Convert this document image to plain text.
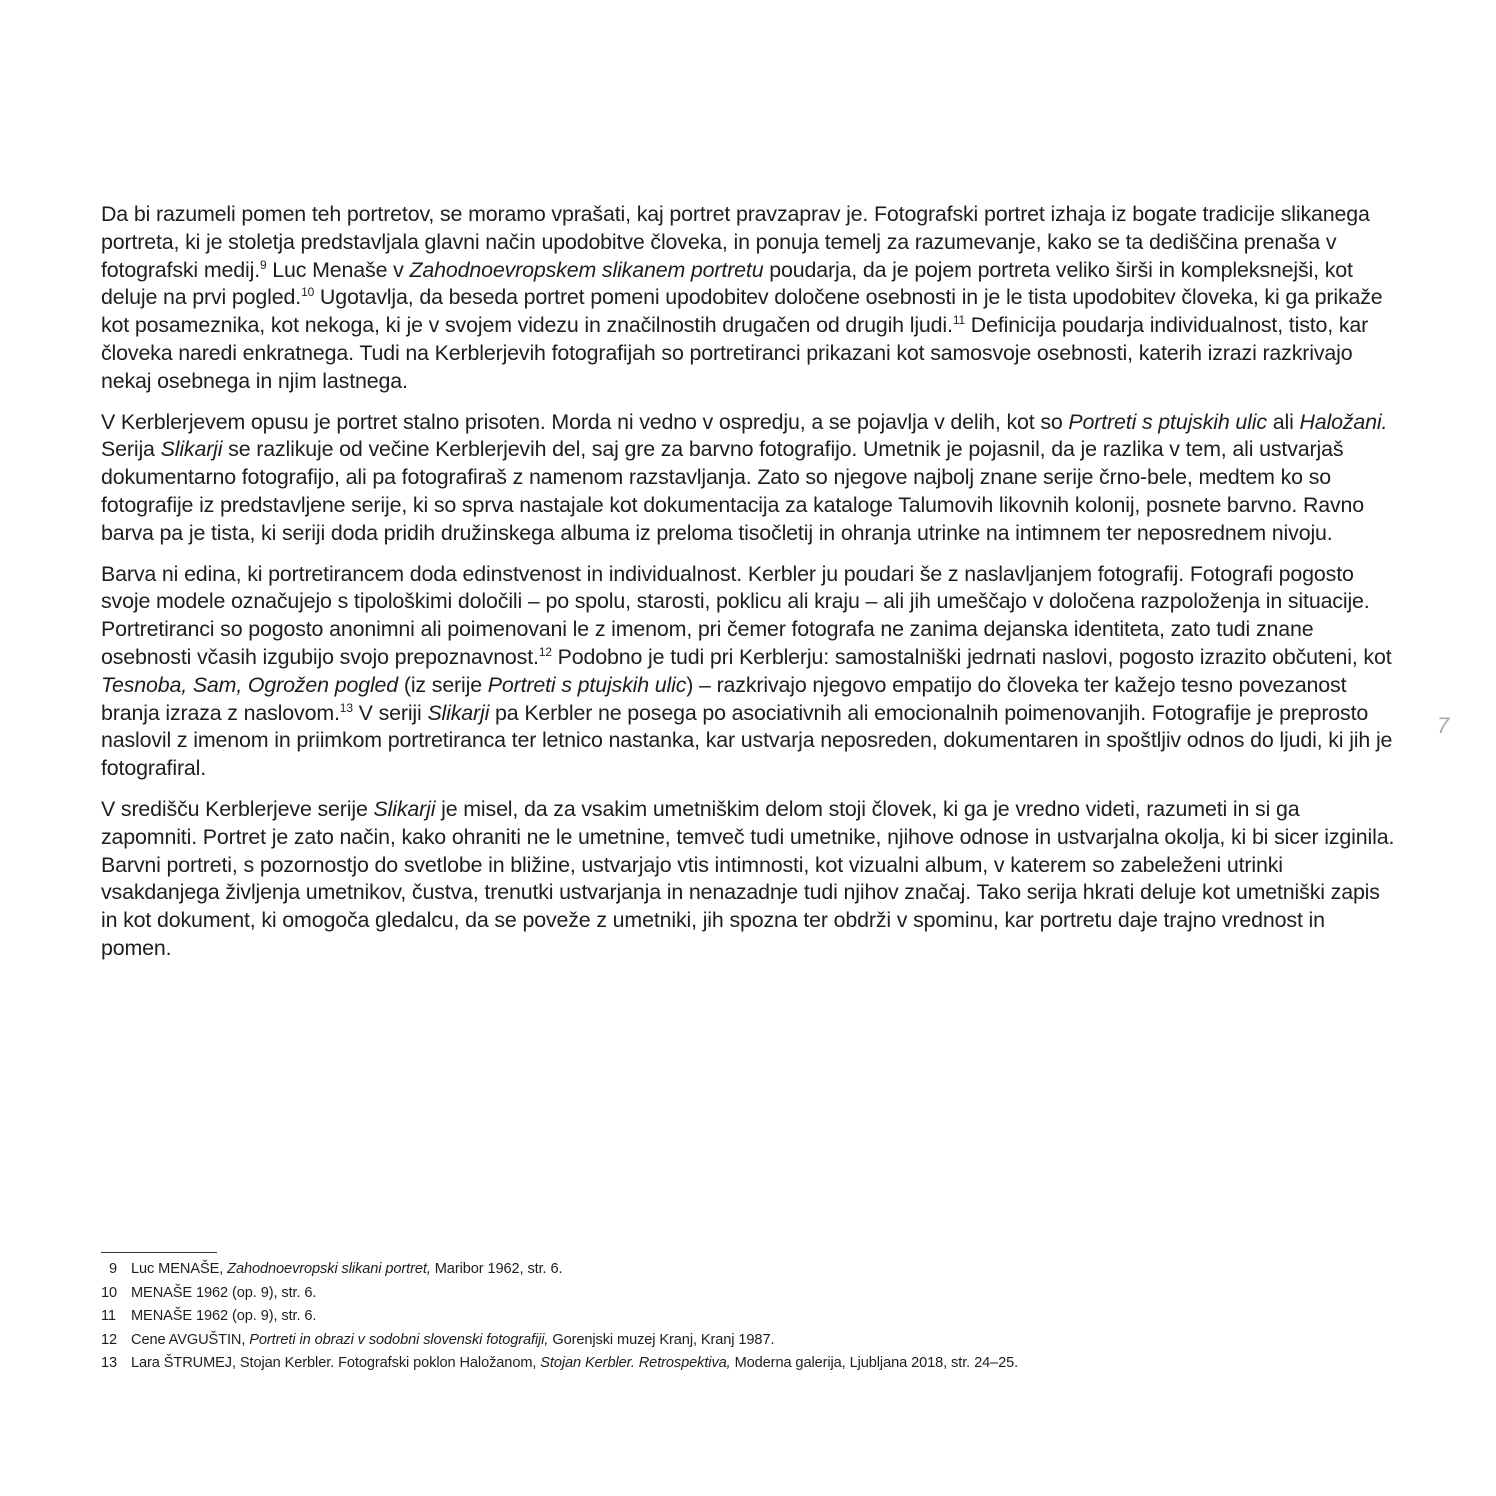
Da bi razumeli pomen teh portretov, se moramo vprašati, kaj portret pravzaprav je. Fotografski portret izhaja iz bogate tradicije slikanega portreta, ki je stoletja predstavljala glavni način upodobitve človeka, in ponuja temelj za razumevanje, kako se ta dediščina prenaša v fotografski medij.$^9$ Luc Menaše v Zahodnoevropskem slikanem portretu poudarja, da je pojem portreta veliko širši in kompleksnejši, kot deluje na prvi pogled.$^{10}$ Ugotavlja, da beseda portret pomeni upodobitev določene osebnosti in je le tista upodobitev človeka, ki ga prikaže kot posameznika, kot nekoga, ki je v svojem videzu in značilnostih drugačen od drugih ljudi.$^{11}$ Definicija poudarja individualnost, tisto, kar človeka naredi enkratnega. Tudi na Kerblerjevih fotografijah so portretiranci prikazani kot samosvoje osebnosti, katerih izrazi razkrivajo nekaj osebnega in njim lastnega.

V Kerblerjevem opusu je portret stalno prisoten. Morda ni vedno v ospredju, a se pojavlja v delih, kot so Portreti s ptujskih ulic ali Haložani. Serija Slikarji se razlikuje od večine Kerblerjevih del, saj gre za barvno fotografijo. Umetnik je pojasnil, da je razlika v tem, ali ustvarjaš dokumentarno fotografijo, ali pa fotografiraš z namenom razstavljanja. Zato so njegove najbolj znane serije črno-bele, medtem ko so fotografije iz predstavljene serije, ki so sprva nastajale kot dokumentacija za kataloge Talumovih likovnih kolonij, posnete barvno. Ravno barva pa je tista, ki seriji doda pridih družinskega albuma iz preloma tisočletij in ohranja utrinke na intimnem ter neposrednem nivoju.

Barva ni edina, ki portretirancem doda edinstvenost in individualnost. Kerbler ju poudari še z naslavljanjem fotografij. Fotografi pogosto svoje modele označujejo s tipološkimi določili – po spolu, starosti, poklicu ali kraju – ali jih umeščajo v določena razpoloženja in situacije. Portretiranci so pogosto anonimni ali poimenovani le z imenom, pri čemer fotografa ne zanima dejanska identiteta, zato tudi znane osebnosti včasih izgubijo svojo prepoznavnost.$^{12}$ Podobno je tudi pri Kerblerju: samostalniški jedrnati naslovi, pogosto izrazito občuteni, kot Tesnoba, Sam, Ogrožen pogled (iz serije Portreti s ptujskih ulic) – razkrivajo njegovo empatijo do človeka ter kažejo tesno povezanost branja izraza z naslovom.$^{13}$ V seriji Slikarji pa Kerbler ne posega po asociativnih ali emocionalnih poimenovanjih. Fotografije je preprosto naslovil z imenom in priimkom portretiranca ter letnico nastanka, kar ustvarja neposreden, dokumentaren in spoštljiv odnos do ljudi, ki jih je fotografiral.

V središču Kerblerjeve serije Slikarji je misel, da za vsakim umetniškim delom stoji človek, ki ga je vredno videti, razumeti in si ga zapomniti. Portret je zato način, kako ohraniti ne le umetnine, temveč tudi umetnike, njihove odnose in ustvarjalna okolja, ki bi sicer izginila. Barvni portreti, s pozornostjo do svetlobe in bližine, ustvarjajo vtis intimnosti, kot vizualni album, v katerem so zabeleženi utrinki vsakdanjega življenja umetnikov, čustva, trenutki ustvarjanja in nenazadnje tudi njihov značaj. Tako serija hkrati deluje kot umetniški zapis in kot dokument, ki omogoča gledalcu, da se poveže z umetniki, jih spozna ter obdrži v spominu, kar portretu daje trajno vrednost in pomen.

7
9 Luc MENAŠE, Zahodnoevropski slikani portret, Maribor 1962, str. 6.
10 MENAŠE 1962 (op. 9), str. 6.
11	MENAŠE 1962 (op. 9), str. 6.
12 Cene AVGUŠTIN, Portreti in obrazi v sodobni slovenski fotografiji, Gorenjski muzej Kranj, Kranj 1987.
13 Lara ŠTRUMEJ, Stojan Kerbler. Fotografski poklon Haložanom, Stojan Kerbler. Retrospektiva, Moderna galerija, Ljubljana 2018, str. 24–25.
